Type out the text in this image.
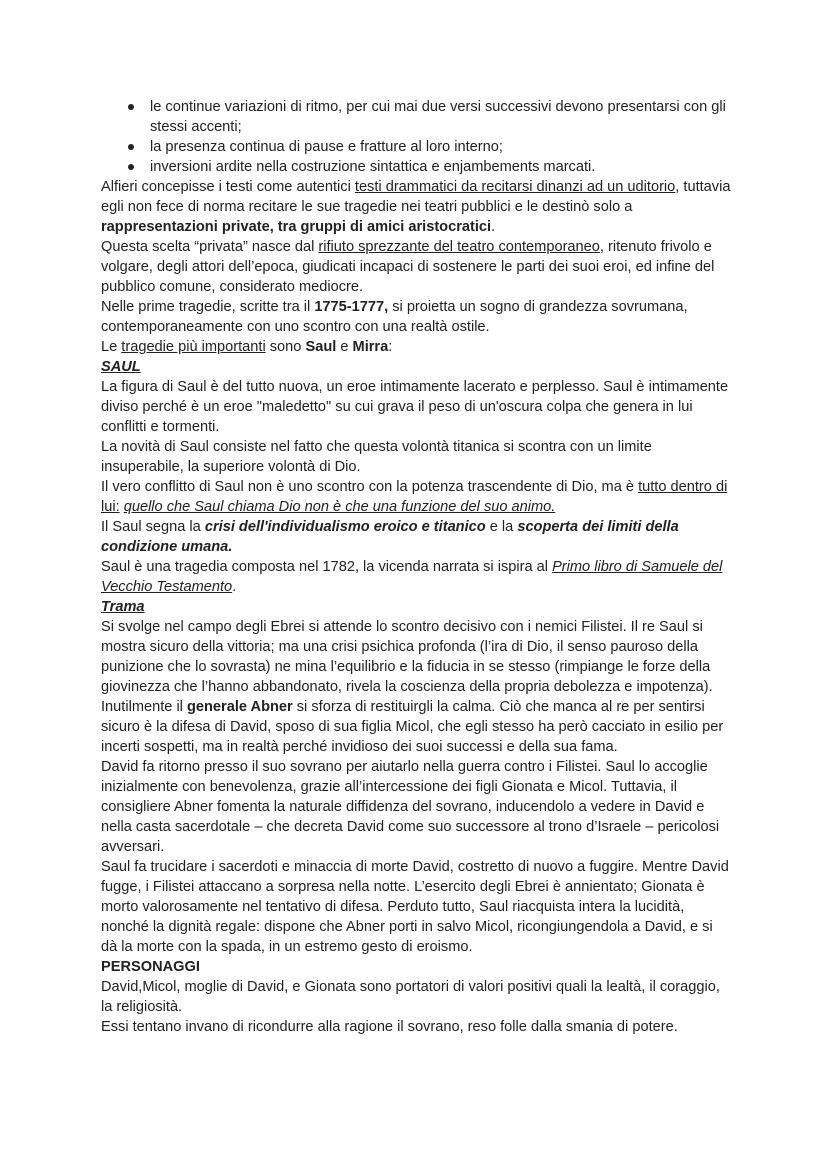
le continue variazioni di ritmo, per cui mai due versi successivi devono presentarsi con gli stessi accenti;
la presenza continua di pause e fratture al loro interno;
inversioni ardite nella costruzione sintattica e enjambements marcati.

Alfieri concepisse i testi come autentici testi drammatici da recitarsi dinanzi ad un uditorio, tuttavia egli non fece di norma recitare le sue tragedie nei teatri pubblici e le destinò solo a rappresentazioni private, tra gruppi di amici aristocratici.

Questa scelta “privata” nasce dal rifiuto sprezzante del teatro contemporaneo, ritenuto frivolo e volgare, degli attori dell’epoca, giudicati incapaci di sostenere le parti dei suoi eroi, ed infine del pubblico comune, considerato mediocre.

Nelle prime tragedie, scritte tra il 1775-1777, si proietta un sogno di grandezza sovrumana, contemporaneamente con uno scontro con una realtà ostile.

Le tragedie più importanti sono Saul e Mirra:

SAUL

La figura di Saul è del tutto nuova, un eroe intimamente lacerato e perplesso. Saul è intimamente diviso perché è un eroe "maledetto" su cui grava il peso di un'oscura colpa che genera in lui conflitti e tormenti.

La novità di Saul consiste nel fatto che questa volontà titanica si scontra con un limite insuperabile, la superiore volontà di Dio.

Il vero conflitto di Saul non è uno scontro con la potenza trascendente di Dio, ma è tutto dentro di lui: quello che Saul chiama Dio non è che una funzione del suo animo.

Il Saul segna la crisi dell'individualismo eroico e titanico e la scoperta dei limiti della condizione umana.

Saul è una tragedia composta nel 1782, la vicenda narrata si ispira al Primo libro di Samuele del Vecchio Testamento.

Trama

Si svolge nel campo degli Ebrei si attende lo scontro decisivo con i nemici Filistei. Il re Saul si mostra sicuro della vittoria; ma una crisi psichica profonda (l’ira di Dio, il senso pauroso della punizione che lo sovrasta) ne mina l’equilibrio e la fiducia in se stesso (rimpiange le forze della giovinezza che l’hanno abbandonato, rivela la coscienza della propria debolezza e impotenza). Inutilmente il generale Abner si sforza di restituirgli la calma. Ciò che manca al re per sentirsi sicuro è la difesa di David, sposo di sua figlia Micol, che egli stesso ha però cacciato in esilio per incerti sospetti, ma in realtà perché invidioso dei suoi successi e della sua fama.

David fa ritorno presso il suo sovrano per aiutarlo nella guerra contro i Filistei. Saul lo accoglie inizialmente con benevolenza, grazie all’intercessione dei figli Gionata e Micol. Tuttavia, il consigliere Abner fomenta la naturale diffidenza del sovrano, inducendolo a vedere in David e nella casta sacerdotale – che decreta David come suo successore al trono d’Israele – pericolosi avversari.

Saul fa trucidare i sacerdoti e minaccia di morte David, costretto di nuovo a fuggire. Mentre David fugge, i Filistei attaccano a sorpresa nella notte. L’esercito degli Ebrei è annientato; Gionata è morto valorosamente nel tentativo di difesa. Perduto tutto, Saul riacquista intera la lucidità, nonché la dignità regale: dispone che Abner porti in salvo Micol, ricongiungendola a David, e si dà la morte con la spada, in un estremo gesto di eroismo.

PERSONAGGI

David,Micol, moglie di David, e Gionata sono portatori di valori positivi quali la lealtà, il coraggio, la religiosità.

Essi tentano invano di ricondurre alla ragione il sovrano, reso folle dalla smania di potere.
